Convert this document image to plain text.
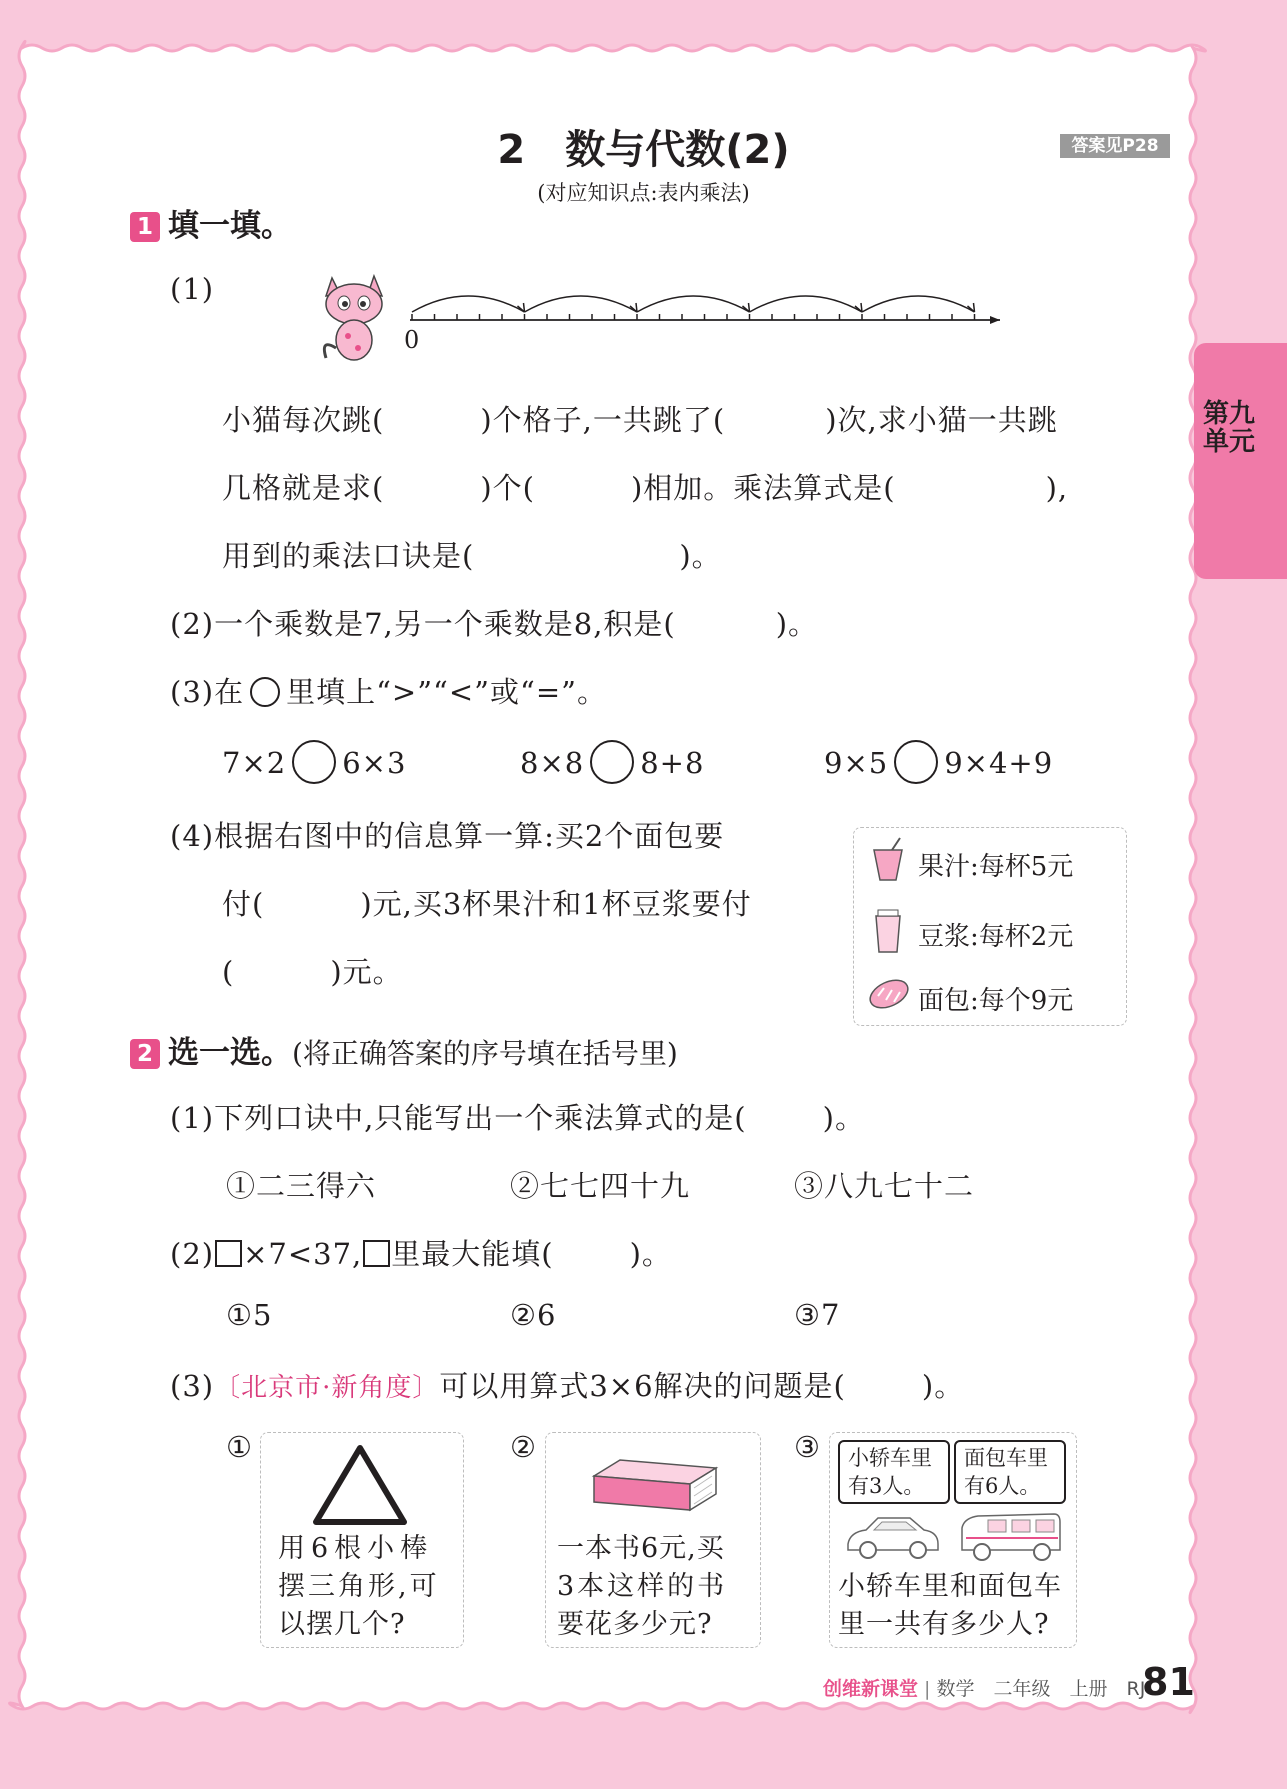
2　数与代数(2)
(对应知识点:表内乘法)
答案见P28
第九单元
1 填一填。
(1)
0
小猫每次跳(	)个格子,一共跳了(	)次,求小猫一共跳
几格就是求(	)个(	)相加。乘法算式是(	),
用到的乘法口诀是(	)。
(2)一个乘数是7,另一个乘数是8,积是(	)。
(3)在 里填上“>”“<”或“=”。
7×2 6×3	8×8 8+8	9×5 9×4+9
(4)根据右图中的信息算一算:买2个面包要
付(	)元,买3杯果汁和1杯豆浆要付
(	)元。
果汁:每杯5元
豆浆:每杯2元
面包:每个9元
2 选一选。(将正确答案的序号填在括号里)
(1)下列口诀中,只能写出一个乘法算式的是(	)。
①二三得六	②七七四十九	③八九七十二
(2) ×7<37, 里最大能填(	)。
①5	②6	③7
(3)〔北京市·新角度〕可以用算式3×6解决的问题是(	)。
①
用6根小棒
摆三角形,可
以摆几个?
②
一本书6元,买
3本这样的书
要花多少元?
③ 小轿车里
有3人。
面包车里
有6人。
小轿车里和面包车
里一共有多少人?
创维新课堂 | 数学　二年级　上册　RJ
81
